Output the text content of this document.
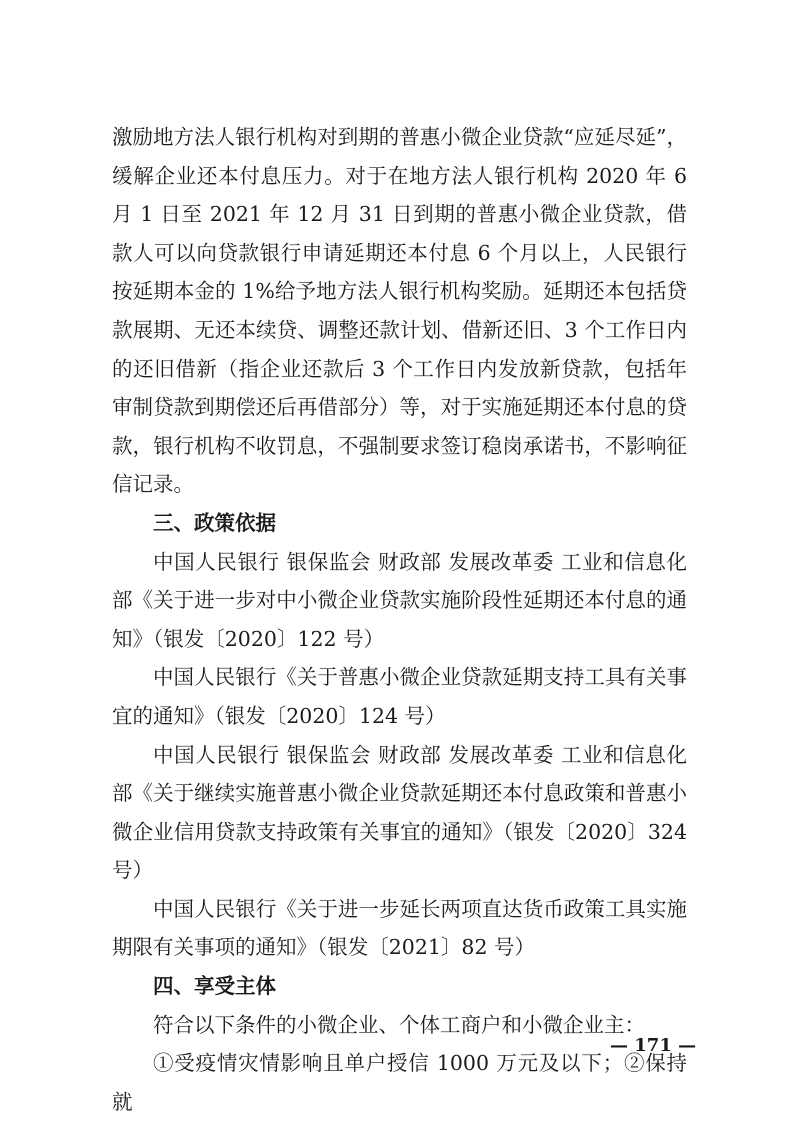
激励地方法人银行机构对到期的普惠小微企业贷款“应延尽延”，缓解企业还本付息压力。对于在地方法人银行机构 2020 年 6 月 1 日至 2021 年 12 月 31 日到期的普惠小微企业贷款，借款人可以向贷款银行申请延期还本付息 6 个月以上，人民银行按延期本金的 1%给予地方法人银行机构奖励。延期还本包括贷款展期、无还本续贷、调整还款计划、借新还旧、3 个工作日内的还旧借新（指企业还款后 3 个工作日内发放新贷款，包括年审制贷款到期偿还后再借部分）等，对于实施延期还本付息的贷款，银行机构不收罚息，不强制要求签订稳岗承诺书，不影响征信记录。

三、政策依据

中国人民银行 银保监会 财政部 发展改革委 工业和信息化部《关于进一步对中小微企业贷款实施阶段性延期还本付息的通知》（银发〔2020〕122 号）

中国人民银行《关于普惠小微企业贷款延期支持工具有关事宜的通知》（银发〔2020〕124 号）

中国人民银行 银保监会 财政部 发展改革委 工业和信息化部《关于继续实施普惠小微企业贷款延期还本付息政策和普惠小微企业信用贷款支持政策有关事宜的通知》（银发〔2020〕324 号）

中国人民银行《关于进一步延长两项直达货币政策工具实施期限有关事项的通知》（银发〔2021〕82 号）

四、享受主体

符合以下条件的小微企业、个体工商户和小微企业主：

①受疫情灾情影响且单户授信 1000 万元及以下；②保持就

— 171 —
